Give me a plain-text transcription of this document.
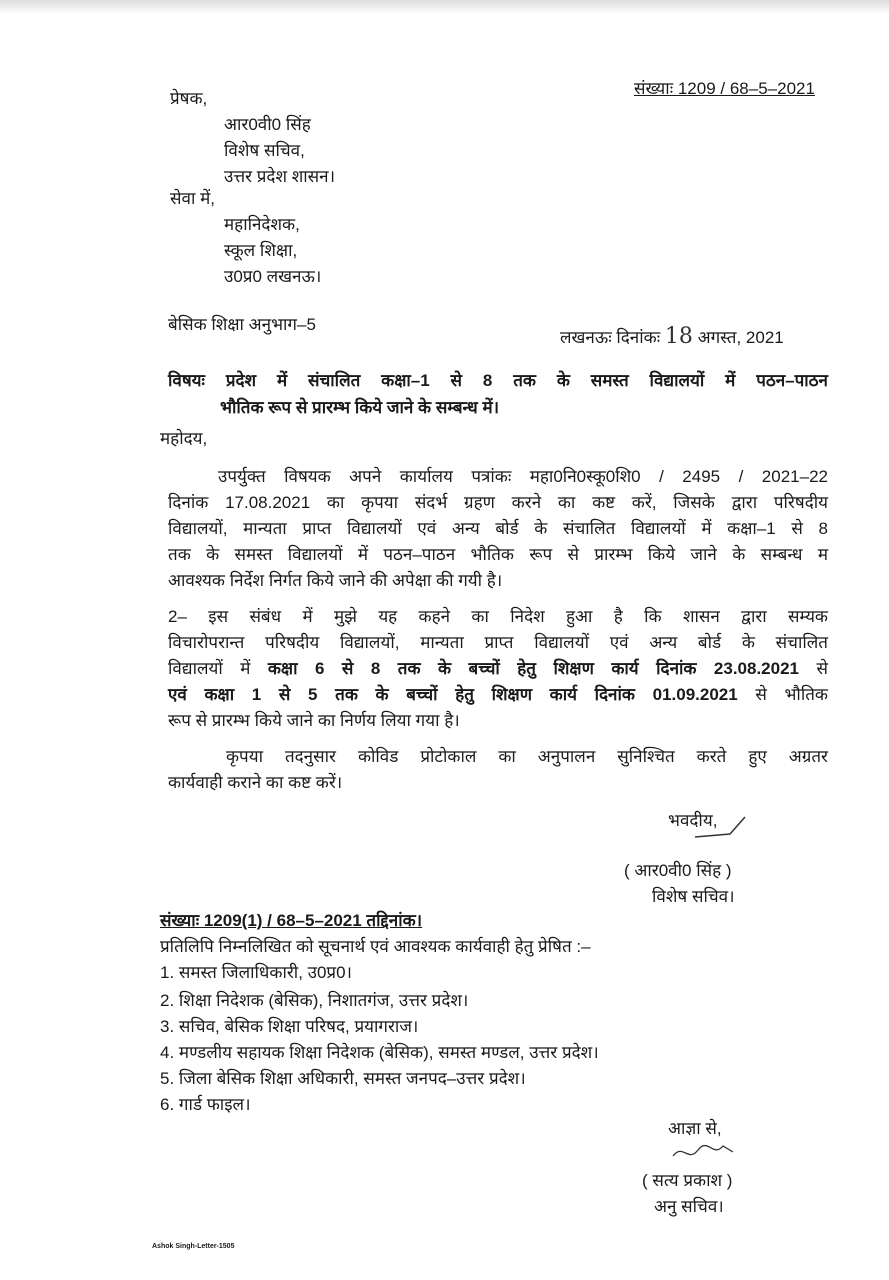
संख्याः 1209 / 68–5–2021
प्रेषक,
आर0वी0 सिंह
विशेष सचिव,
उत्तर प्रदेश शासन।
सेवा में,
महानिदेशक,
स्कूल शिक्षा,
उ0प्र0 लखनऊ।
बेसिक शिक्षा अनुभाग–5
लखनऊः दिनांकः 18 अगस्त, 2021
विषयः प्रदेश में संचालित कक्षा–1 से 8 तक के समस्त विद्यालयों में पठन–पाठन
भौतिक रूप से प्रारम्भ किये जाने के सम्बन्ध में।
महोदय,
उपर्युक्त विषयक अपने कार्यालय पत्रांकः महा0नि0स्कू0शि0 / 2495 / 2021–22
दिनांक 17.08.2021 का कृपया संदर्भ ग्रहण करने का कष्ट करें, जिसके द्वारा परिषदीय
विद्यालयों, मान्यता प्राप्त विद्यालयों एवं अन्य बोर्ड के संचालित विद्यालयों में कक्षा–1 से 8
तक के समस्त विद्यालयों में पठन–पाठन भौतिक रूप से प्रारम्भ किये जाने के सम्बन्ध म
आवश्यक निर्देश निर्गत किये जाने की अपेक्षा की गयी है।
2– इस संबंध में मुझे यह कहने का निदेश हुआ है कि शासन द्वारा सम्यक
विचारोपरान्त परिषदीय विद्यालयों, मान्यता प्राप्त विद्यालयों एवं अन्य बोर्ड के संचालित
विद्यालयों में कक्षा 6 से 8 तक के बच्चों हेतु शिक्षण कार्य दिनांक 23.08.2021 से
एवं कक्षा 1 से 5 तक के बच्चों हेतु शिक्षण कार्य दिनांक 01.09.2021 से भौतिक
रूप से प्रारम्भ किये जाने का निर्णय लिया गया है।
कृपया तदनुसार कोविड प्रोटोकाल का अनुपालन सुनिश्चित करते हुए अग्रतर
कार्यवाही कराने का कष्ट करें।
भवदीय,
( आर0वी0 सिंह )
विशेष सचिव।
संख्याः 1209(1) / 68–5–2021 तद्दिनांक।
प्रतिलिपि निम्नलिखित को सूचनार्थ एवं आवश्यक कार्यवाही हेतु प्रेषित :–
1. समस्त जिलाधिकारी, उ0प्र0।
2. शिक्षा निदेशक (बेसिक), निशातगंज, उत्तर प्रदेश।
3. सचिव, बेसिक शिक्षा परिषद, प्रयागराज।
4. मण्डलीय सहायक शिक्षा निदेशक (बेसिक), समस्त मण्डल, उत्तर प्रदेश।
5. जिला बेसिक शिक्षा अधिकारी, समस्त जनपद–उत्तर प्रदेश।
6. गार्ड फाइल।
आज्ञा से,
( सत्य प्रकाश )
अनु सचिव।
Ashok Singh-Letter-1505
